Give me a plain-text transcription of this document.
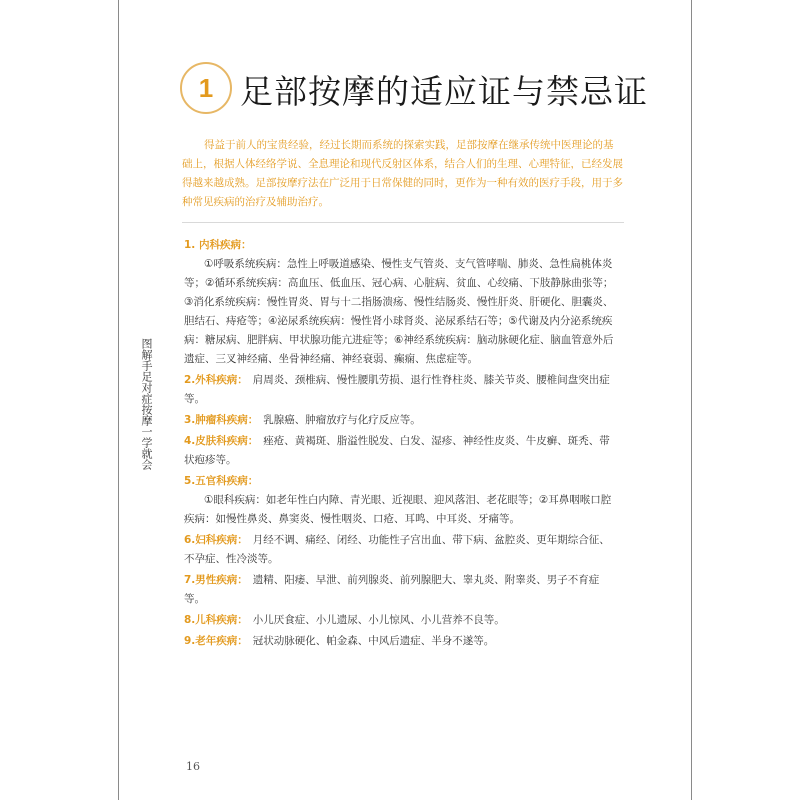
图解手足对症按摩一学就会
1 足部按摩的适应证与禁忌证
得益于前人的宝贵经验，经过长期而系统的探索实践，足部按摩在继承传统中医理论的基础上，根据人体经络学说、全息理论和现代反射区体系，结合人们的生理、心理特征，已经发展得越来越成熟。足部按摩疗法在广泛用于日常保健的同时，更作为一种有效的医疗手段，用于多种常见疾病的治疗及辅助治疗。
1. 内科疾病：
①呼吸系统疾病：急性上呼吸道感染、慢性支气管炎、支气管哮喘、肺炎、急性扁桃体炎等；②循环系统疾病：高血压、低血压、冠心病、心脏病、贫血、心绞痛、下肢静脉曲张等；③消化系统疾病：慢性胃炎、胃与十二指肠溃疡、慢性结肠炎、慢性肝炎、肝硬化、胆囊炎、胆结石、痔疮等；④泌尿系统疾病：慢性肾小球肾炎、泌尿系结石等；⑤代谢及内分泌系统疾病：糖尿病、肥胖病、甲状腺功能亢进症等；⑥神经系统疾病：脑动脉硬化症、脑血管意外后遗症、三叉神经痛、坐骨神经痛、神经衰弱、癫痫、焦虑症等。
2.外科疾病： 肩周炎、颈椎病、慢性腰肌劳损、退行性脊柱炎、膝关节炎、腰椎间盘突出症等。
3.肿瘤科疾病： 乳腺癌、肿瘤放疗与化疗反应等。
4.皮肤科疾病： 痤疮、黄褐斑、脂溢性脱发、白发、湿疹、神经性皮炎、牛皮癣、斑秃、带状疱疹等。
5.五官科疾病：
①眼科疾病：如老年性白内障、青光眼、近视眼、迎风落泪、老花眼等；②耳鼻咽喉口腔疾病：如慢性鼻炎、鼻窦炎、慢性咽炎、口疮、耳鸣、中耳炎、牙痛等。
6.妇科疾病： 月经不调、痛经、闭经、功能性子宫出血、带下病、盆腔炎、更年期综合征、不孕症、性冷淡等。
7.男性疾病： 遗精、阳痿、早泄、前列腺炎、前列腺肥大、睾丸炎、附睾炎、男子不育症等。
8.儿科疾病： 小儿厌食症、小儿遗尿、小儿惊风、小儿营养不良等。
9.老年疾病： 冠状动脉硬化、帕金森、中风后遗症、半身不遂等。
16
